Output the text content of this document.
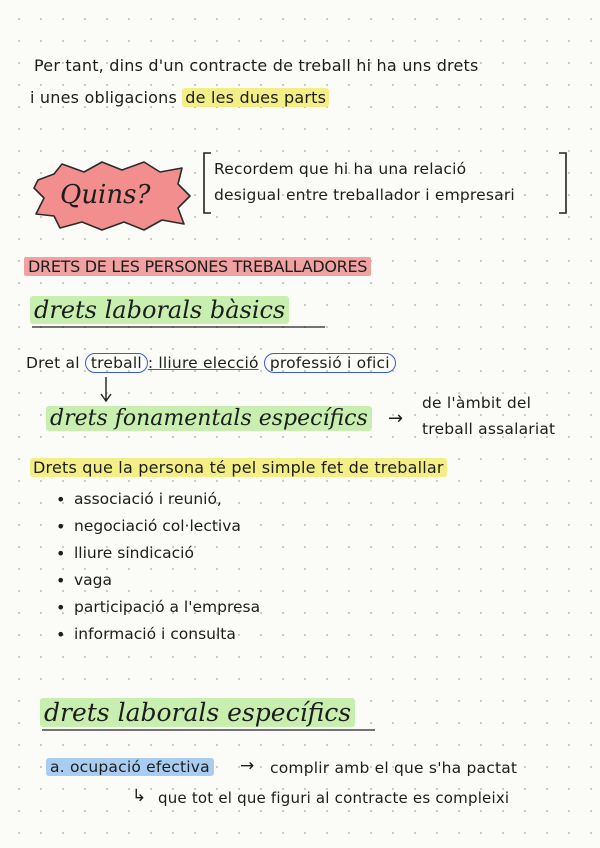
Per tant, dins d'un contracte de treball hi ha uns drets
i unes obligacions de les dues parts
Quins?
Recordem que hi ha una relació
desigual entre treballador i empresari
DRETS DE LES PERSONES TREBALLADORES
drets laborals bàsics
Dret al treball : lliure elecció professió i ofici
drets fonamentals específics →
de l'àmbit del
treball assalariat
Drets que la persona té pel simple fet de treballar
• associació i reunió,
• negociació col·lectiva
• lliure sindicació
• vaga
• participació a l'empresa
• informació i consulta
drets laborals específics
a. ocupació efectiva → complir amb el que s'ha pactat
↳ que tot el que figuri al contracte es compleixi
